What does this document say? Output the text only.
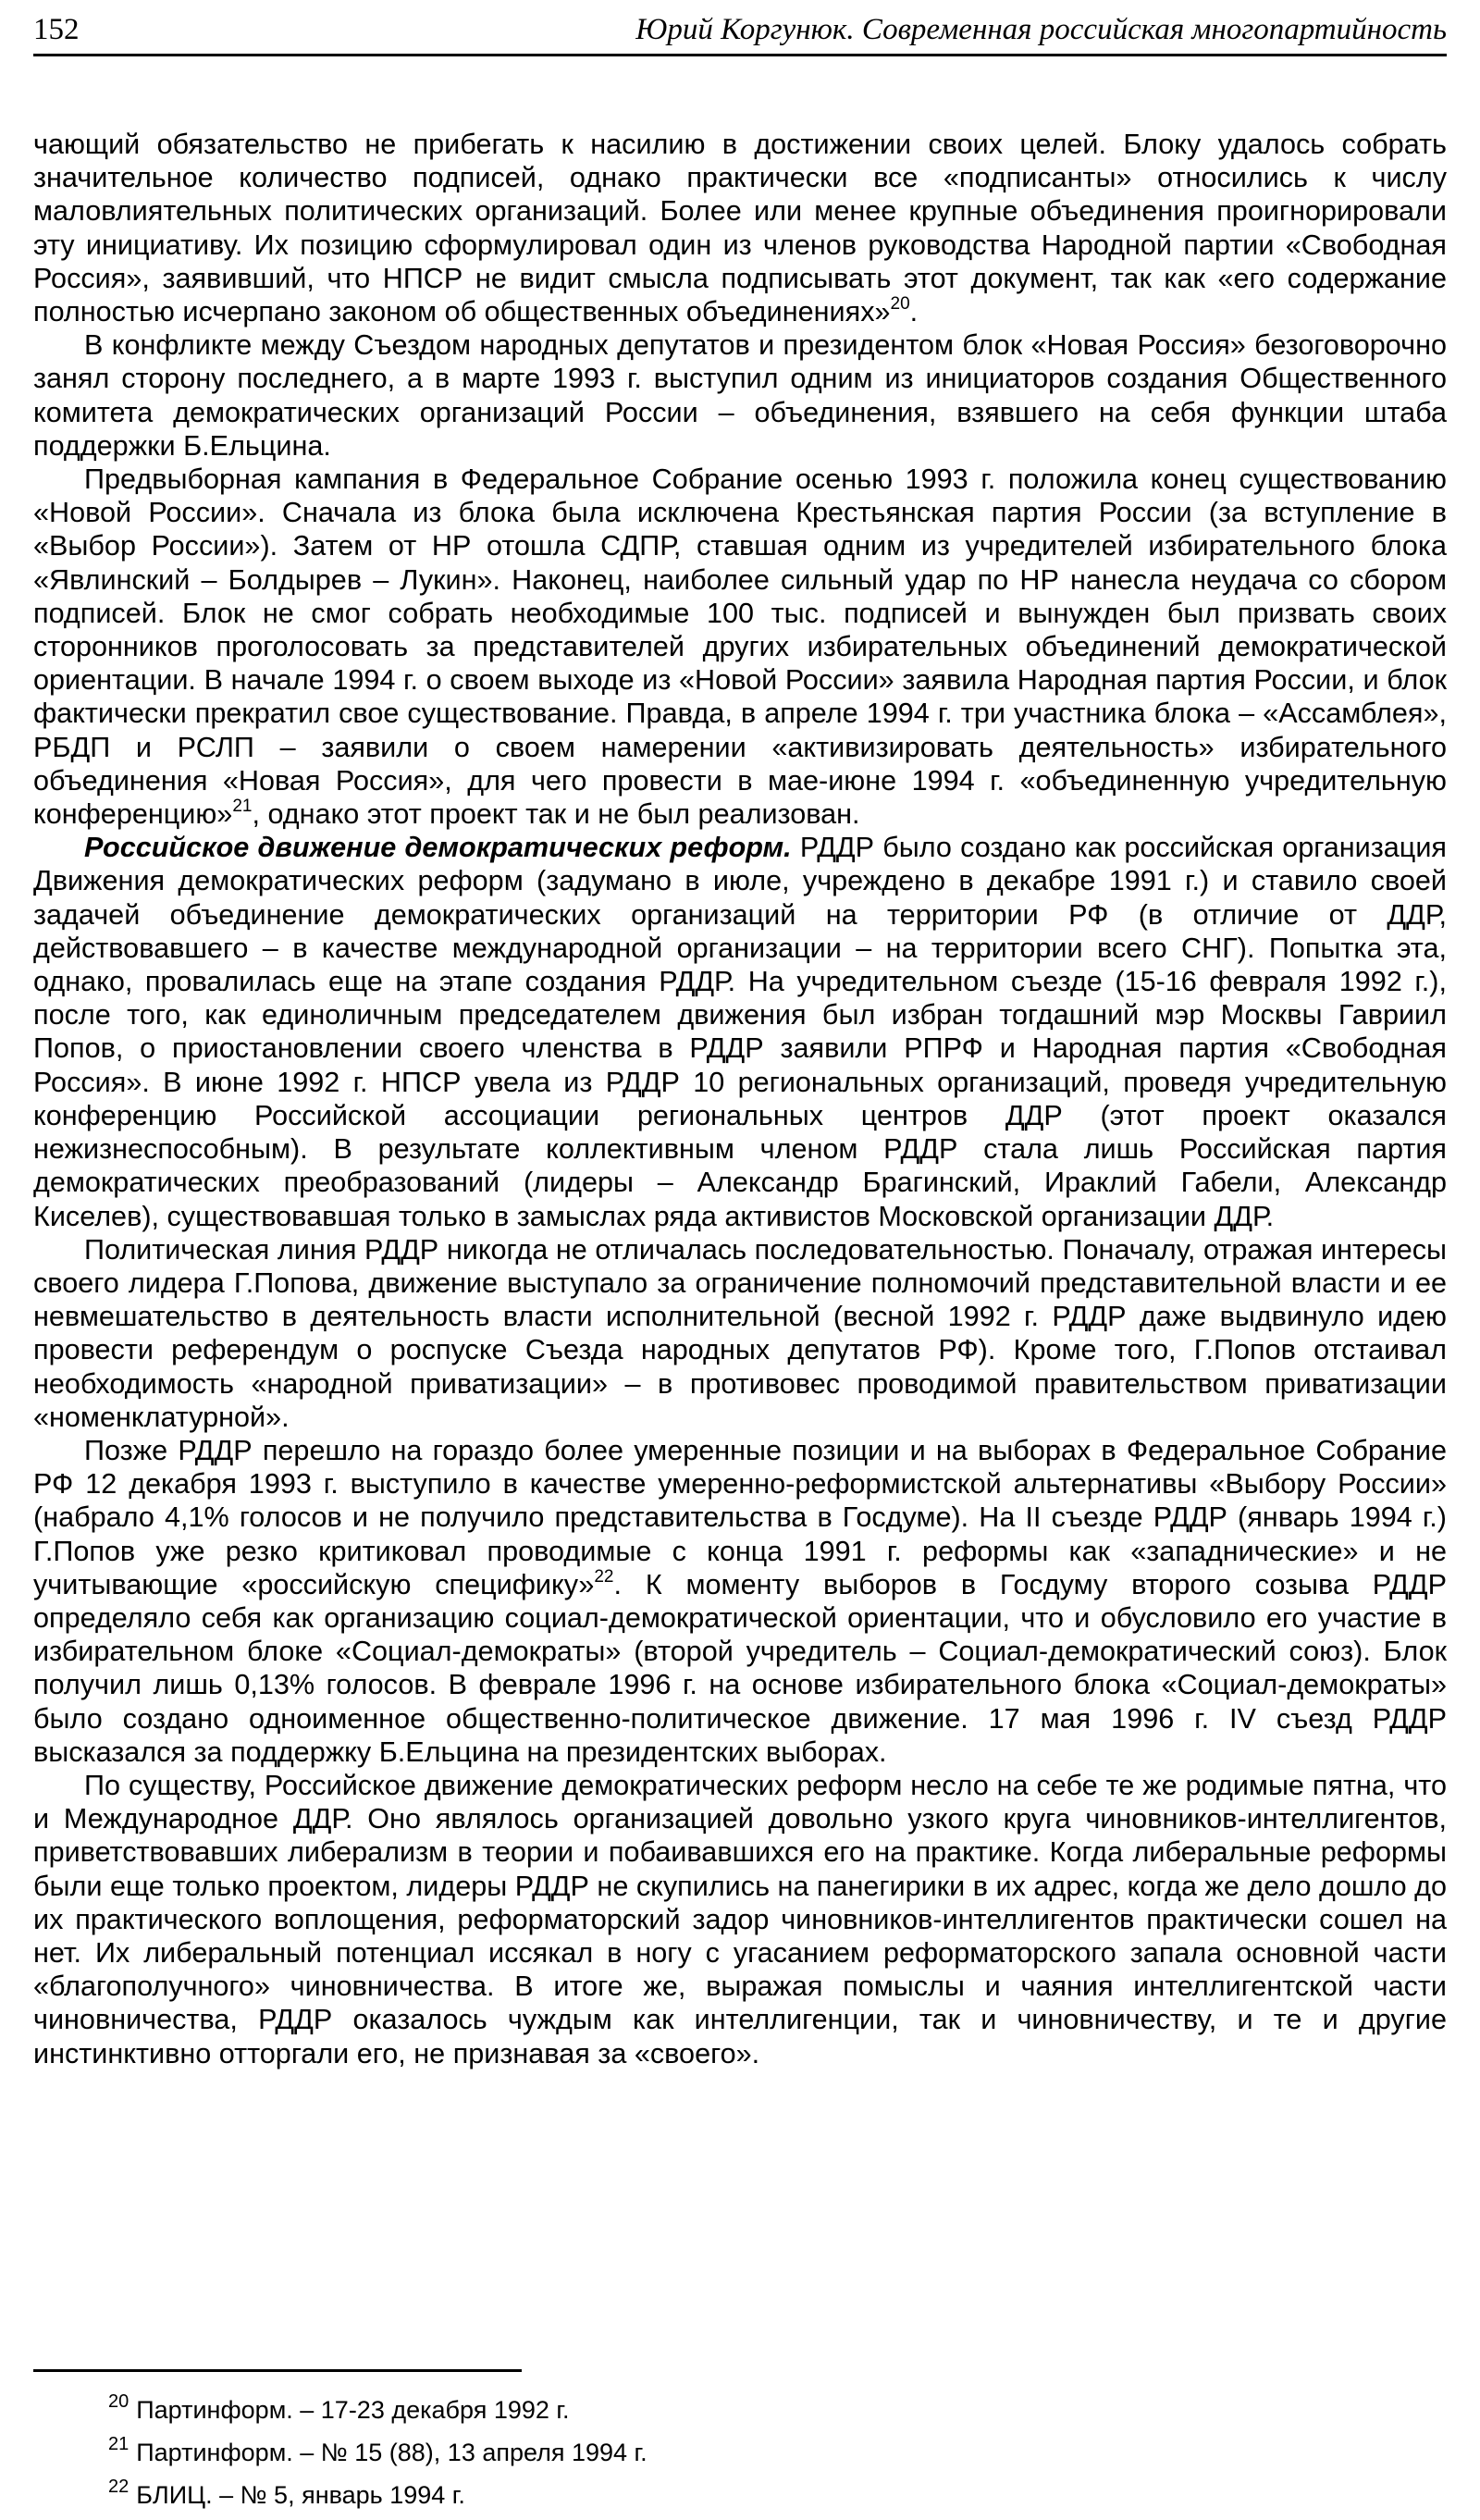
152	Юрий Коргунюк. Современная российская многопартийность

чающий обязательство не прибегать к насилию в достижении своих целей. Блоку удалось собрать значительное количество подписей, однако практически все «подписанты» относились к числу маловлиятельных политических организаций. Более или менее крупные объединения проигнорировали эту инициативу. Их позицию сформулировал один из членов руководства Народной партии «Свободная Россия», заявивший, что НПСР не видит смысла подписывать этот документ, так как «его содержание полностью исчерпано законом об общественных объединениях»$^{20}$.

В конфликте между Съездом народных депутатов и президентом блок «Новая Россия» безоговорочно занял сторону последнего, а в марте 1993 г. выступил одним из инициаторов создания Общественного комитета демократических организаций России – объединения, взявшего на себя функции штаба поддержки Б.Ельцина.

Предвыборная кампания в Федеральное Собрание осенью 1993 г. положила конец существованию «Новой России». Сначала из блока была исключена Крестьянская партия России (за вступление в «Выбор России»). Затем от НР отошла СДПР, ставшая одним из учредителей избирательного блока «Явлинский – Болдырев – Лукин». Наконец, наиболее сильный удар по НР нанесла неудача со сбором подписей. Блок не смог собрать необходимые 100 тыс. подписей и вынужден был призвать своих сторонников проголосовать за представителей других избирательных объединений демократической ориентации. В начале 1994 г. о своем выходе из «Новой России» заявила Народная партия России, и блок фактически прекратил свое существование. Правда, в апреле 1994 г. три участника блока – «Ассамблея», РБДП и РСЛП – заявили о своем намерении «активизировать деятельность» избирательного объединения «Новая Россия», для чего провести в мае-июне 1994 г. «объединенную учредительную конференцию»$^{21}$, однако этот проект так и не был реализован.

Российское движение демократических реформ. РДДР было создано как российская организация Движения демократических реформ (задумано в июле, учреждено в декабре 1991 г.) и ставило своей задачей объединение демократических организаций на территории РФ (в отличие от ДДР, действовавшего – в качестве международной организации – на территории всего СНГ). Попытка эта, однако, провалилась еще на этапе создания РДДР. На учредительном съезде (15-16 февраля 1992 г.), после того, как единоличным председателем движения был избран тогдашний мэр Москвы Гавриил Попов, о приостановлении своего членства в РДДР заявили РПРФ и Народная партия «Свободная Россия». В июне 1992 г. НПСР увела из РДДР 10 региональных организаций, проведя учредительную конференцию Российской ассоциации региональных центров ДДР (этот проект оказался нежизнеспособным). В результате коллективным членом РДДР стала лишь Российская партия демократических преобразований (лидеры – Александр Брагинский, Ираклий Габели, Александр Киселев), существовавшая только в замыслах ряда активистов Московской организации ДДР.

Политическая линия РДДР никогда не отличалась последовательностью. Поначалу, отражая интересы своего лидера Г.Попова, движение выступало за ограничение полномочий представительной власти и ее невмешательство в деятельность власти исполнительной (весной 1992 г. РДДР даже выдвинуло идею провести референдум о роспуске Съезда народных депутатов РФ). Кроме того, Г.Попов отстаивал необходимость «народной приватизации» – в противовес проводимой правительством приватизации «номенклатурной».

Позже РДДР перешло на гораздо более умеренные позиции и на выборах в Федеральное Собрание РФ 12 декабря 1993 г. выступило в качестве умеренно-реформистской альтернативы «Выбору России» (набрало 4,1% голосов и не получило представительства в Госдуме). На II съезде РДДР (январь 1994 г.) Г.Попов уже резко критиковал проводимые с конца 1991 г. реформы как «западнические» и не учитывающие «российскую специфику»$^{22}$. К моменту выборов в Госдуму второго созыва РДДР определяло себя как организацию социал-демократической ориентации, что и обусловило его участие в избирательном блоке «Социал-демократы» (второй учредитель – Социал-демократический союз). Блок получил лишь 0,13% голосов. В феврале 1996 г. на основе избирательного блока «Социал-демократы» было создано одноименное общественно-политическое движение. 17 мая 1996 г. IV съезд РДДР высказался за поддержку Б.Ельцина на президентских выборах.

По существу, Российское движение демократических реформ несло на себе те же родимые пятна, что и Международное ДДР. Оно являлось организацией довольно узкого круга чиновников-интеллигентов, приветствовавших либерализм в теории и побаивавшихся его на практике. Когда либеральные реформы были еще только проектом, лидеры РДДР не скупились на панегирики в их адрес, когда же дело дошло до их практического воплощения, реформаторский задор чиновников-интеллигентов практически сошел на нет. Их либеральный потенциал иссякал в ногу с угасанием реформаторского запала основной части «благополучного» чиновничества. В итоге же, выражая помыслы и чаяния интеллигентской части чиновничества, РДДР оказалось чуждым как интеллигенции, так и чиновничеству, и те и другие инстинктивно отторгали его, не признавая за «своего».

$^{20}$ Партинформ. – 17-23 декабря 1992 г.
$^{21}$ Партинформ. – № 15 (88), 13 апреля 1994 г.
$^{22}$ БЛИЦ. – № 5, январь 1994 г.
